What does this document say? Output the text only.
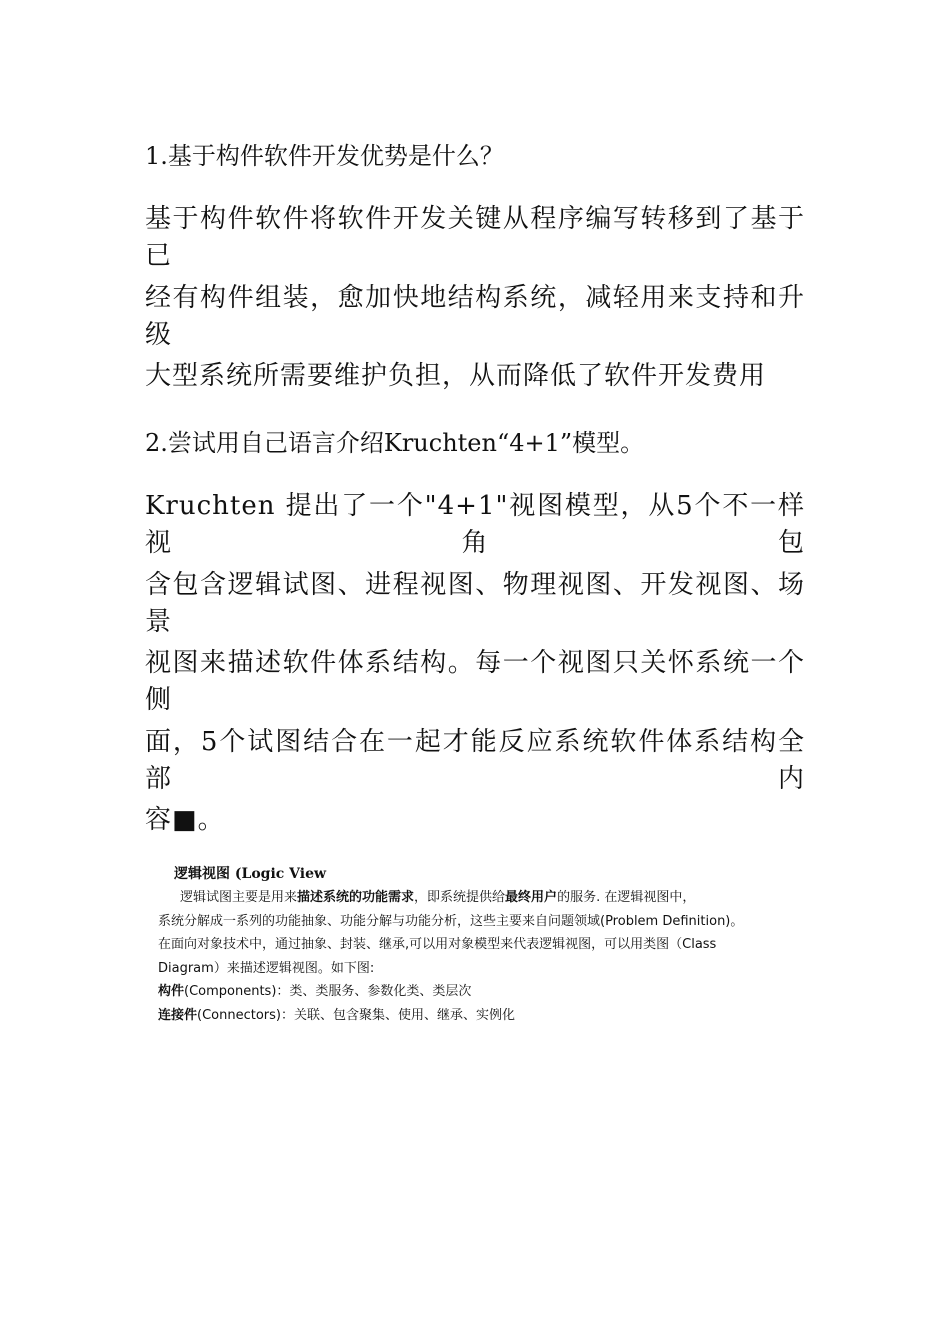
1.基于构件软件开发优势是什么？
基于构件软件将软件开发关键从程序编写转移到了基于已
经有构件组装，愈加快地结构系统，减轻用来支持和升级
大型系统所需要维护负担，从而降低了软件开发费用
2.尝试用自己语言介绍Kruchten“4+1”模型。
Kruchten 提出了一个"4+1"视图模型，从5个不一样视角包
含包含逻辑试图、进程视图、物理视图、开发视图、场景
视图来描述软件体系结构。每一个视图只关怀系统一个侧
面，5个试图结合在一起才能反应系统软件体系结构全部内
容■。
逻辑视图 (Logic View
逻辑试图主要是用来描述系统的功能需求，即系统提供给最终用户的服务. 在逻辑视图中，
系统分解成一系列的功能抽象、功能分解与功能分析，这些主要来自问题领域(Problem Definition)。
在面向对象技术中，通过抽象、封装、继承,可以用对象模型来代表逻辑视图，可以用类图（Class
Diagram）来描述逻辑视图。如下图:
构件(Components)：类、类服务、参数化类、类层次
连接件(Connectors)：关联、包含聚集、使用、继承、实例化
